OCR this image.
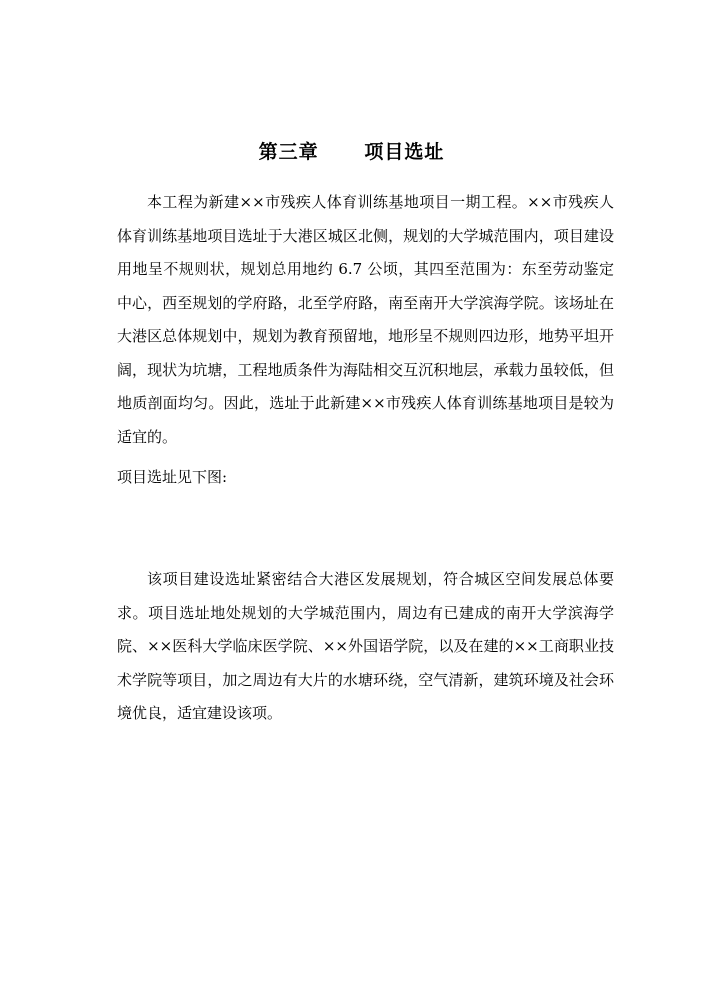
第三章      项目选址

本工程为新建××市残疾人体育训练基地项目一期工程。××市残疾人体育训练基地项目选址于大港区城区北侧，规划的大学城范围内，项目建设用地呈不规则状，规划总用地约 6.7 公顷，其四至范围为：东至劳动鉴定中心，西至规划的学府路，北至学府路，南至南开大学滨海学院。该场址在大港区总体规划中，规划为教育预留地，地形呈不规则四边形，地势平坦开阔，现状为坑塘，工程地质条件为海陆相交互沉积地层，承载力虽较低，但地质剖面均匀。因此，选址于此新建××市残疾人体育训练基地项目是较为适宜的。

项目选址见下图:

该项目建设选址紧密结合大港区发展规划，符合城区空间发展总体要求。项目选址地处规划的大学城范围内，周边有已建成的南开大学滨海学院、××医科大学临床医学院、××外国语学院，以及在建的××工商职业技术学院等项目，加之周边有大片的水塘环绕，空气清新，建筑环境及社会环境优良，适宜建设该项。
